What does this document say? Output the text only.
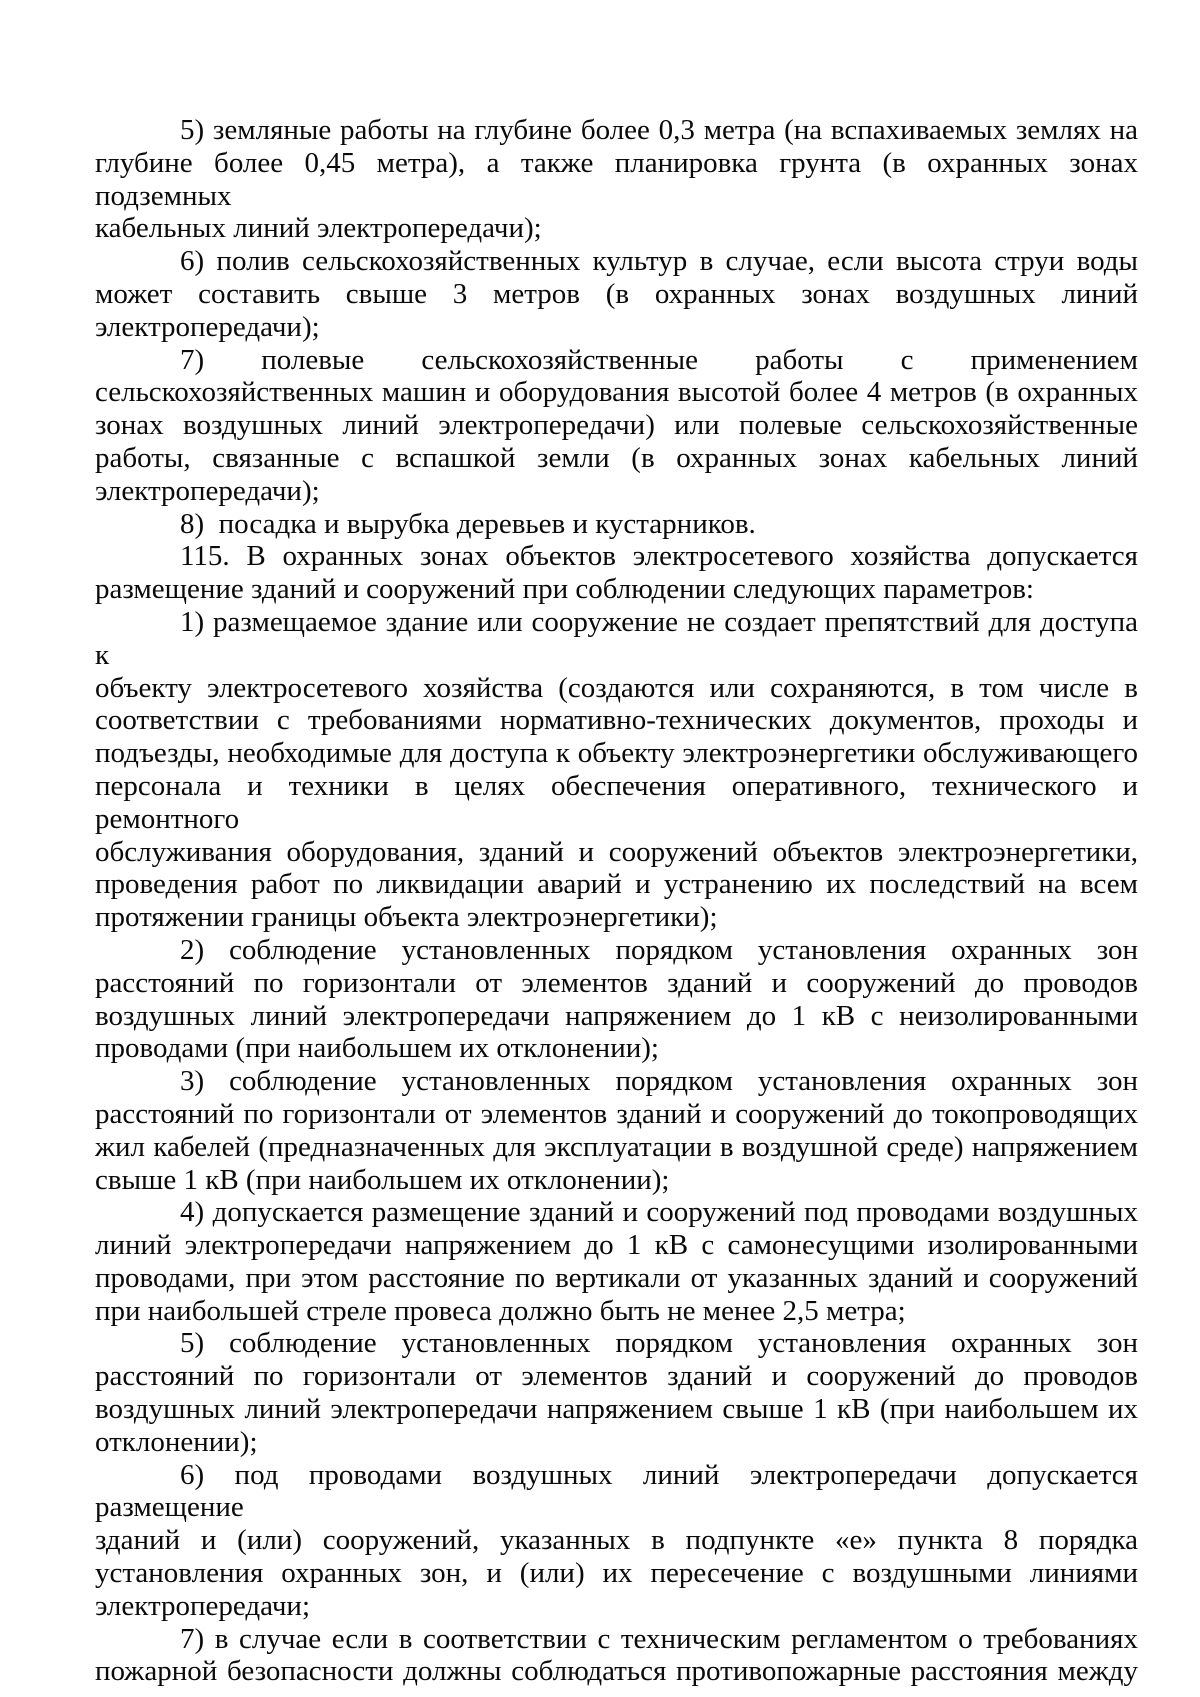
5) земляные работы на глубине более 0,3 метра (на вспахиваемых землях на
глубине более 0,45 метра), а также планировка грунта (в охранных зонах подземных
кабельных линий электропередачи);
6) полив сельскохозяйственных культур в случае, если высота струи воды
может составить свыше 3 метров (в охранных зонах воздушных линий
электропередачи);
7) полевые сельскохозяйственные работы с применением
сельскохозяйственных машин и оборудования высотой более 4 метров (в охранных
зонах воздушных линий электропередачи) или полевые сельскохозяйственные
работы, связанные с вспашкой земли (в охранных зонах кабельных линий
электропередачи);
8)  посадка и вырубка деревьев и кустарников.
115. В охранных зонах объектов электросетевого хозяйства допускается
размещение зданий и сооружений при соблюдении следующих параметров:
1) размещаемое здание или сооружение не создает препятствий для доступа к
объекту электросетевого хозяйства (создаются или сохраняются, в том числе в
соответствии с требованиями нормативно-технических документов, проходы и
подъезды, необходимые для доступа к объекту электроэнергетики обслуживающего
персонала и техники в целях обеспечения оперативного, технического и ремонтного
обслуживания оборудования, зданий и сооружений объектов электроэнергетики,
проведения работ по ликвидации аварий и устранению их последствий на всем
протяжении границы объекта электроэнергетики);
2) соблюдение установленных порядком установления охранных зон
расстояний по горизонтали от элементов зданий и сооружений до проводов
воздушных линий электропередачи напряжением до 1 кВ с неизолированными
проводами (при наибольшем их отклонении);
3) соблюдение установленных порядком установления охранных зон
расстояний по горизонтали от элементов зданий и сооружений до токопроводящих
жил кабелей (предназначенных для эксплуатации в воздушной среде) напряжением
свыше 1 кВ (при наибольшем их отклонении);
4) допускается размещение зданий и сооружений под проводами воздушных
линий электропередачи напряжением до 1 кВ с самонесущими изолированными
проводами, при этом расстояние по вертикали от указанных зданий и сооружений
при наибольшей стреле провеса должно быть не менее 2,5 метра;
5) соблюдение установленных порядком установления охранных зон
расстояний по горизонтали от элементов зданий и сооружений до проводов
воздушных линий электропередачи напряжением свыше 1 кВ (при наибольшем их
отклонении);
6) под проводами воздушных линий электропередачи допускается размещение
зданий и (или) сооружений, указанных в подпункте «е» пункта 8 порядка
установления охранных зон, и (или) их пересечение с воздушными линиями
электропередачи;
7) в случае если в соответствии с техническим регламентом о требованиях
пожарной безопасности должны соблюдаться противопожарные расстояния между
